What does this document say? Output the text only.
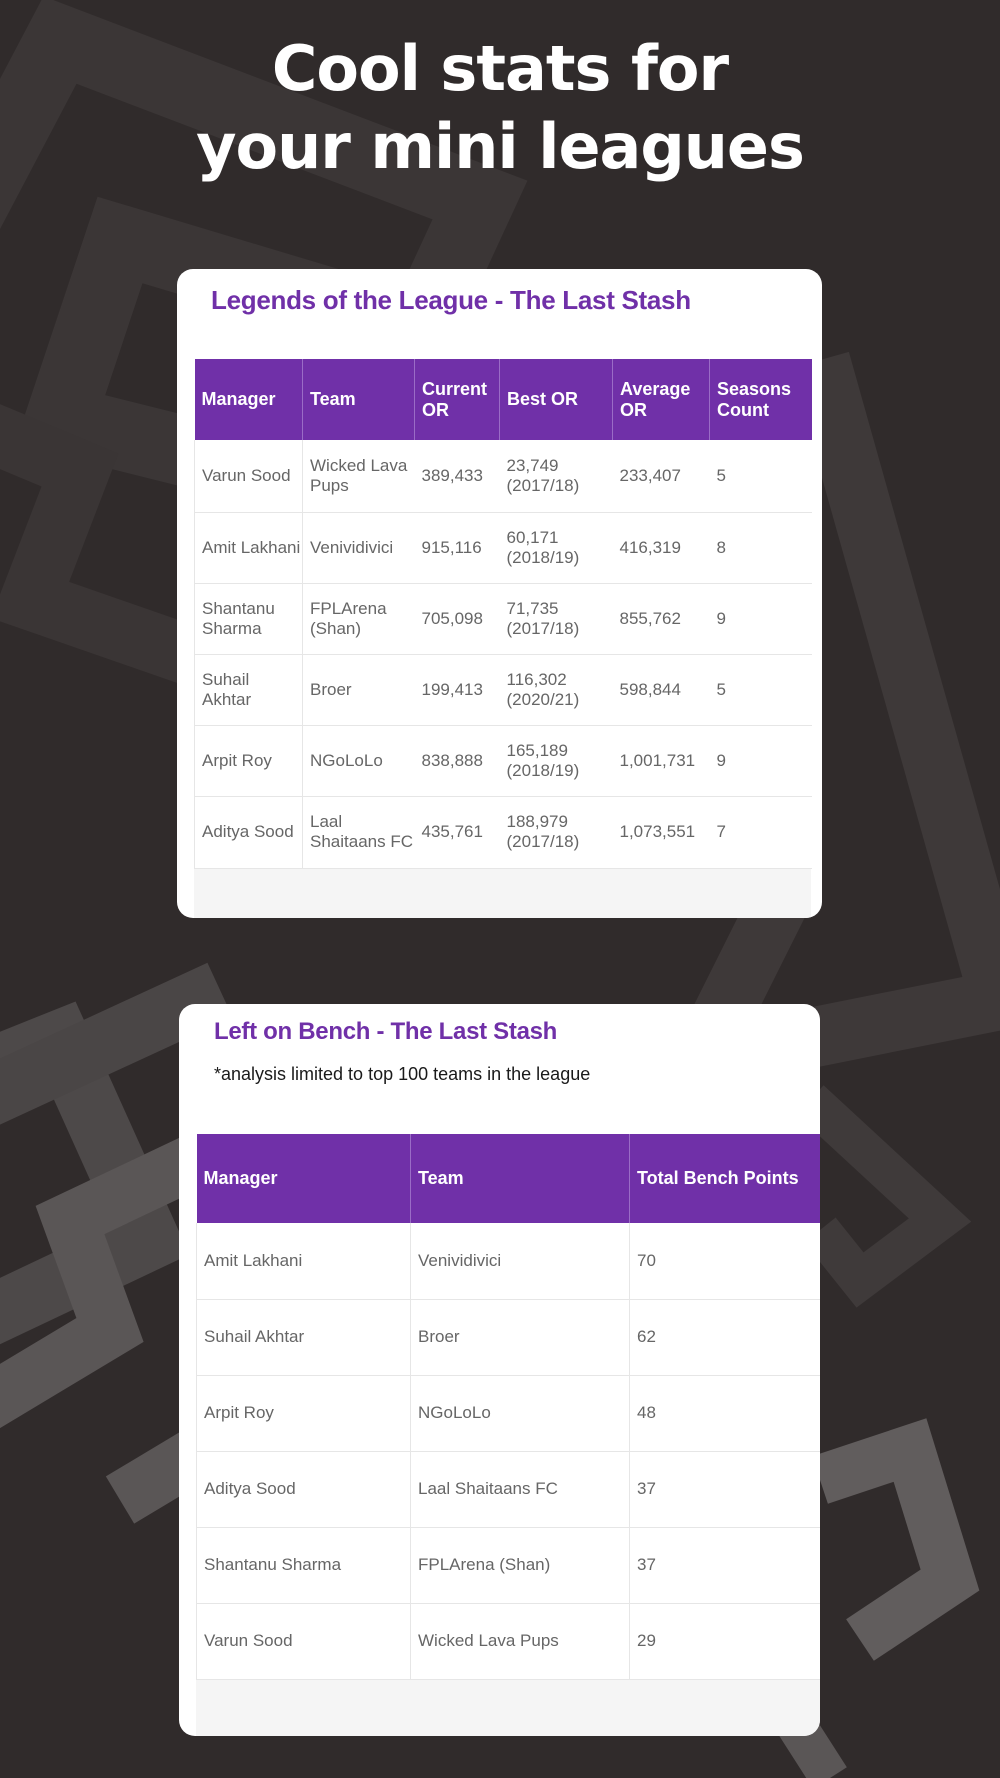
Cool stats for
your mini leagues
Legends of the League - The Last Stash
Manager	Team	Current OR	Best OR	Average OR	Seasons Count
Varun Sood	Wicked Lava Pups	389,433	23,749 (2017/18)	233,407	5
Amit Lakhani	Venividivici	915,116	60,171 (2018/19)	416,319	8
Shantanu Sharma	FPLArena (Shan)	705,098	71,735 (2017/18)	855,762	9
Suhail Akhtar	Broer	199,413	116,302 (2020/21)	598,844	5
Arpit Roy	NGoLoLo	838,888	165,189 (2018/19)	1,001,731	9
Aditya Sood	Laal Shaitaans FC	435,761	188,979 (2017/18)	1,073,551	7
Left on Bench - The Last Stash

*analysis limited to top 100 teams in the league

Manager	Team	Total Bench Points
Amit Lakhani	Venividivici	70
Suhail Akhtar	Broer	62
Arpit Roy	NGoLoLo	48
Aditya Sood	Laal Shaitaans FC	37
Shantanu Sharma	FPLArena (Shan)	37
Varun Sood	Wicked Lava Pups	29
